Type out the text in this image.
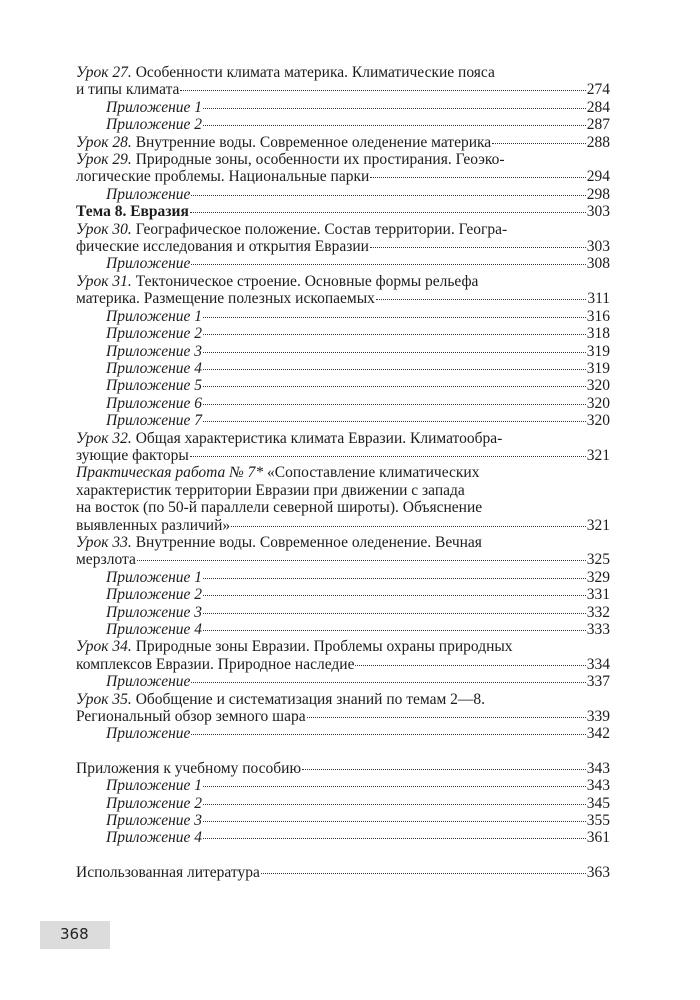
Урок 27. Особенности климата материка. Климатические пояса
и типы климата	274
Приложение 1	284
Приложение 2	287
Урок 28. Внутренние воды. Современное оледенение материка	288
Урок 29. Природные зоны, особенности их простирания. Геоэко-
логические проблемы. Национальные парки	294
Приложение	298
Тема 8. Евразия	303
Урок 30. Географическое положение. Состав территории. Геогра-
фические исследования и открытия Евразии	303
Приложение	308
Урок 31. Тектоническое строение. Основные формы рельефа
материка. Размещение полезных ископаемых	311
Приложение 1	316
Приложение 2	318
Приложение 3	319
Приложение 4	319
Приложение 5	320
Приложение 6	320
Приложение 7	320
Урок 32. Общая характеристика климата Евразии. Климатообра-
зующие факторы	321
Практическая работа № 7* «Сопоставление климатических
характеристик территории Евразии при движении с запада
на восток (по 50-й параллели северной широты). Объяснение
выявленных различий»	321
Урок 33. Внутренние воды. Современное оледенение. Вечная
мерзлота	325
Приложение 1	329
Приложение 2	331
Приложение 3	332
Приложение 4	333
Урок 34. Природные зоны Евразии. Проблемы охраны природных
комплексов Евразии. Природное наследие	334
Приложение	337
Урок 35. Обобщение и систематизация знаний по темам 2—8.
Региональный обзор земного шара	339
Приложение	342
Приложения к учебному пособию	343
Приложение 1	343
Приложение 2	345
Приложение 3	355
Приложение 4	361
Использованная литература	363
368
